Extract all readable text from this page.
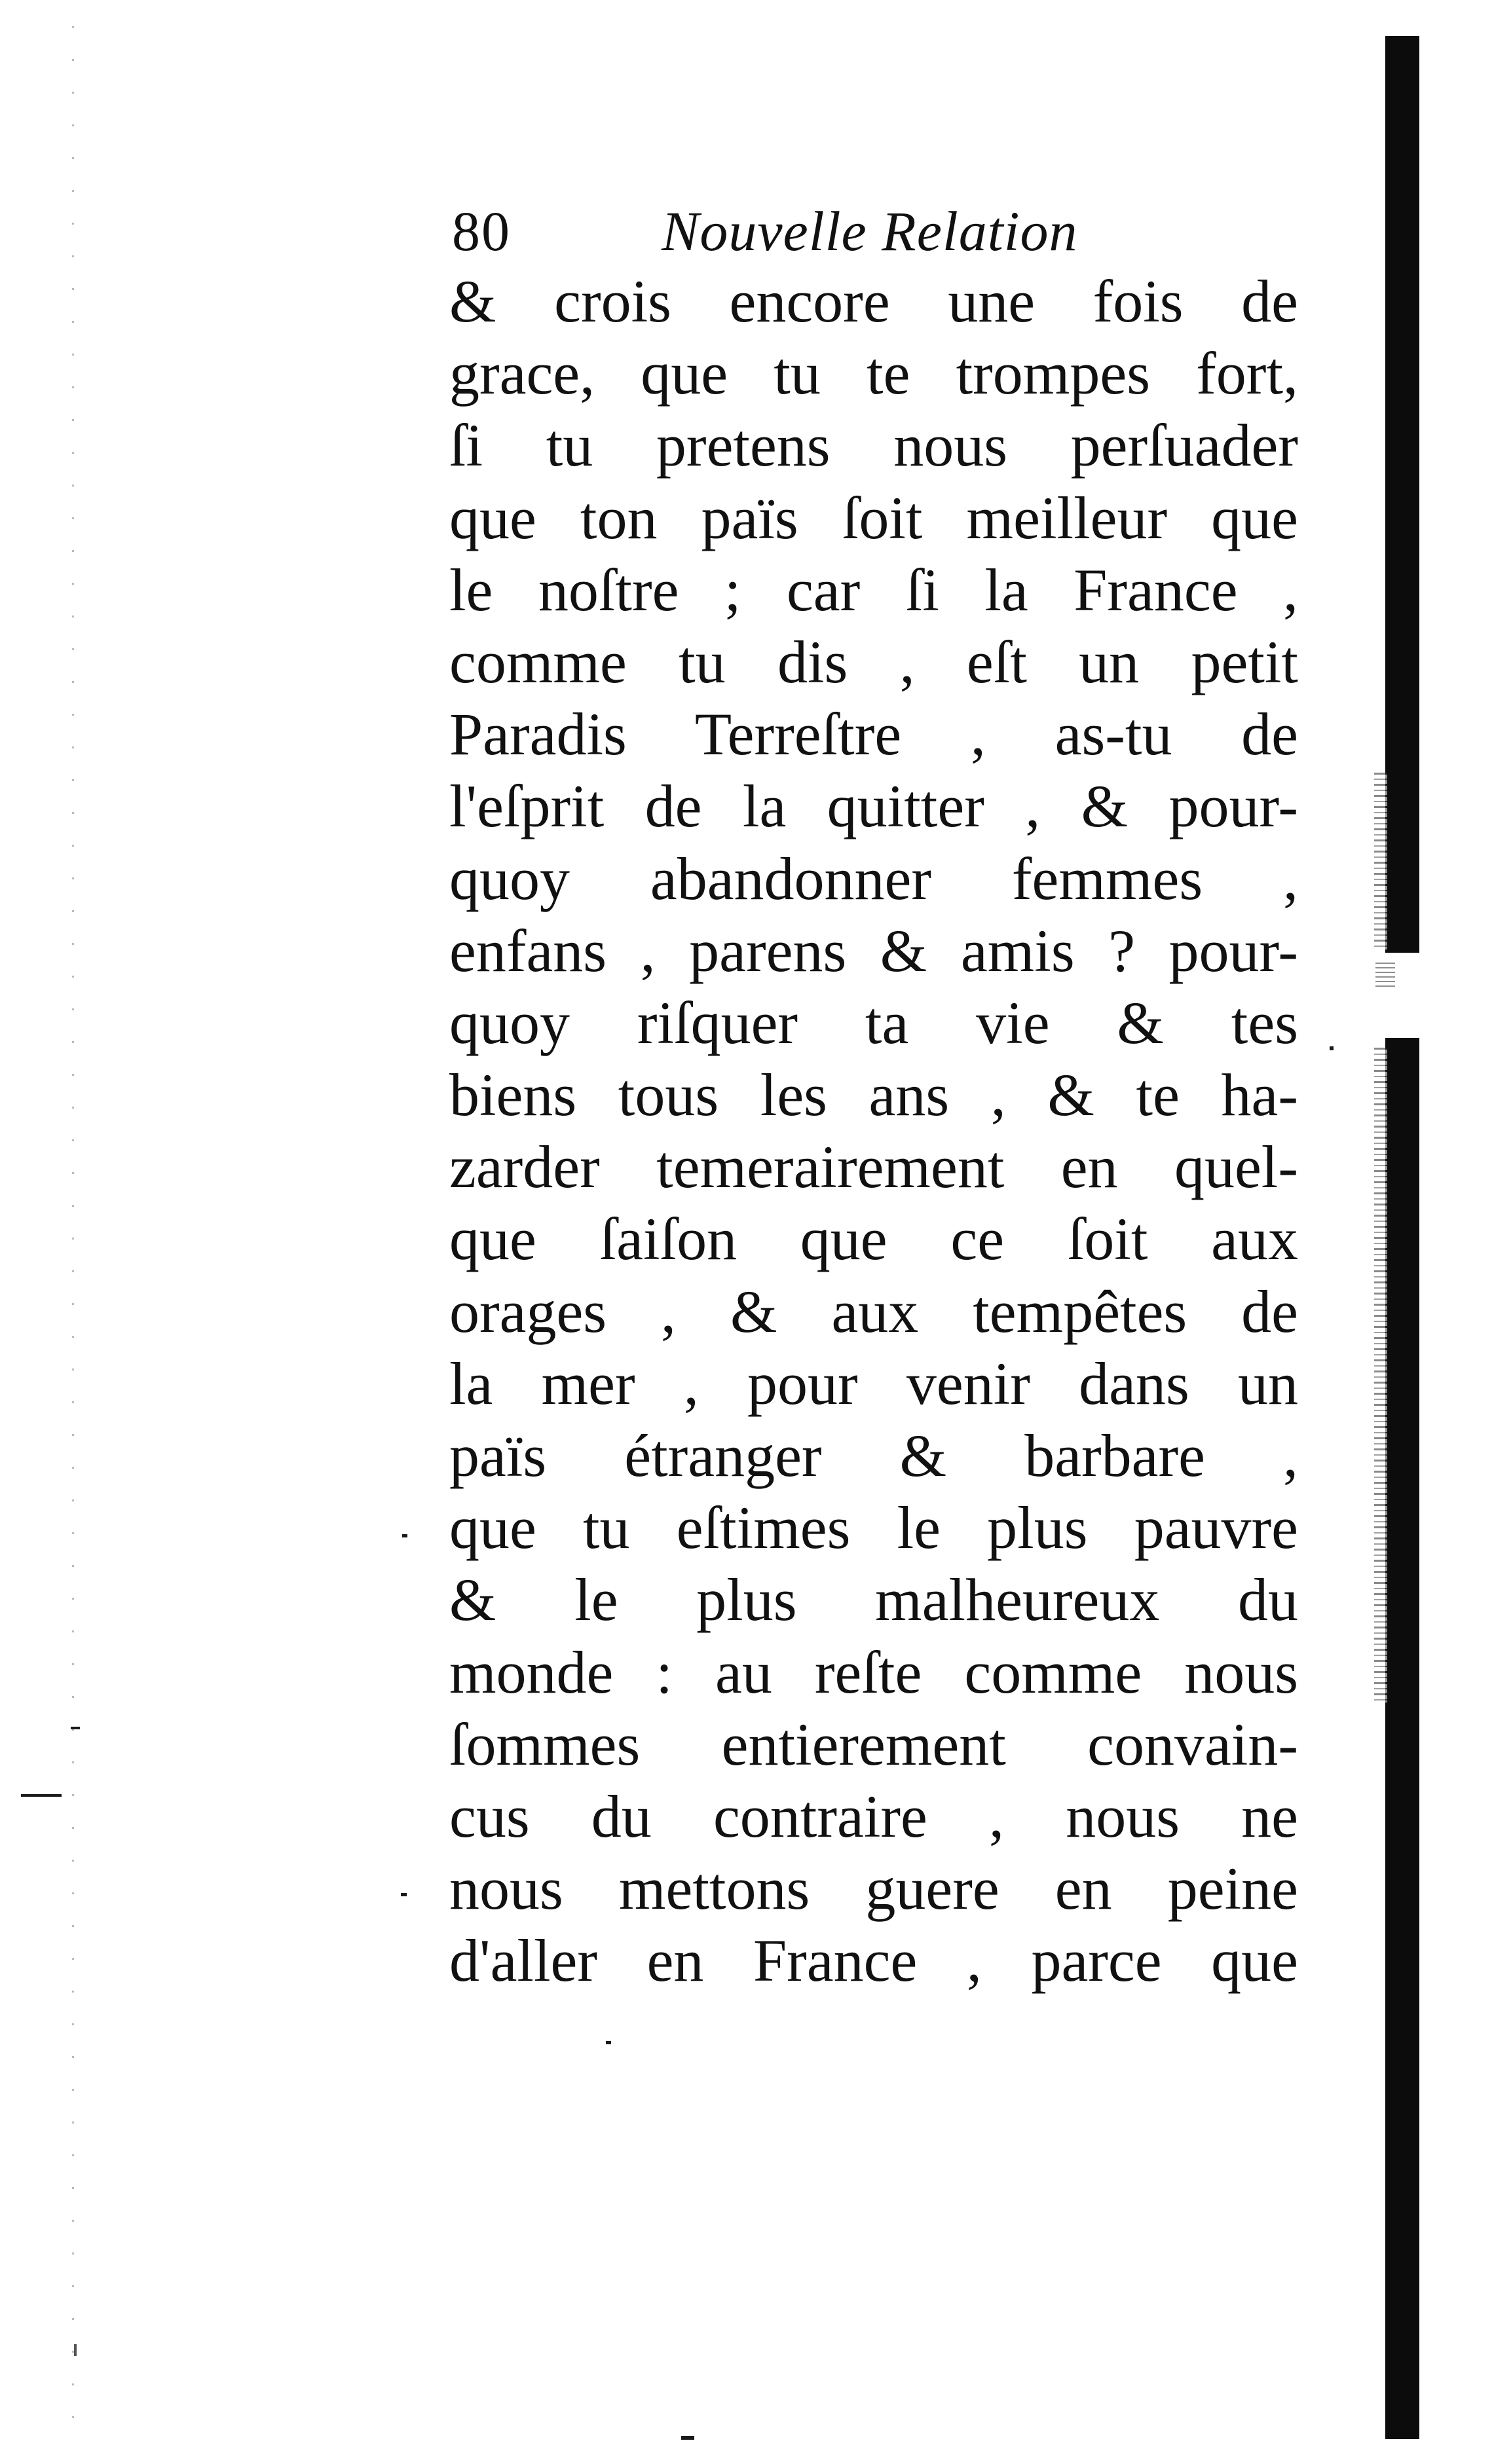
80	Nouvelle Relation
& crois encore une fois de
grace, que tu te trompes fort,
ſi tu pretens nous perſuader
que ton païs ſoit meilleur que
le noſtre ; car ſi la France ,
comme tu dis , eſt un petit
Paradis Terreſtre , as-tu de
l'eſprit de la quitter , & pour-
quoy abandonner femmes ,
enfans , parens & amis ? pour-
quoy riſquer ta vie & tes
biens tous les ans , & te ha-
zarder temerairement en quel-
que ſaiſon que ce ſoit aux
orages , & aux tempêtes de
la mer , pour venir dans un
païs étranger & barbare ,
que tu eſtimes le plus pauvre
& le plus malheureux du
monde : au reſte comme nous
ſommes entierement convain-
cus du contraire , nous ne
nous mettons guere en peine
d'aller en France , parce que
